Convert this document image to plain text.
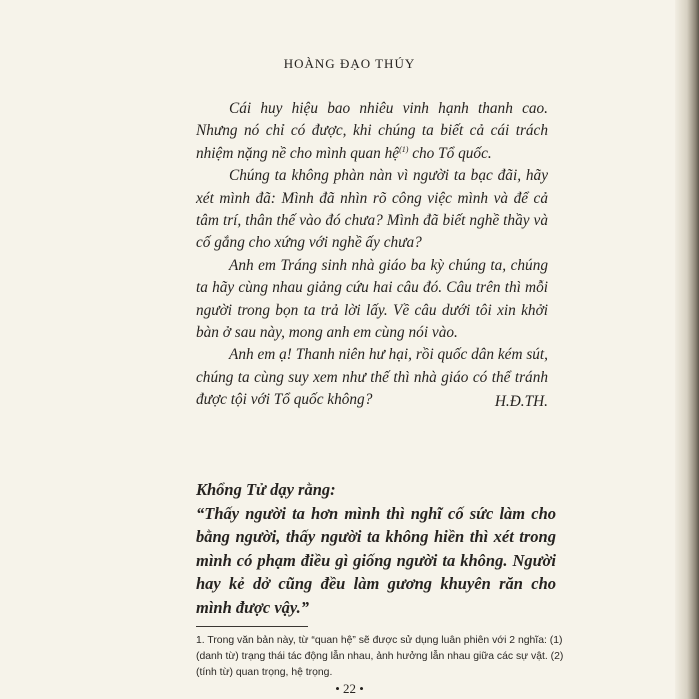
HOÀNG ĐẠO THÚY

Cái huy hiệu bao nhiêu vinh hạnh thanh cao. Nhưng nó chỉ có được, khi chúng ta biết cả cái trách nhiệm nặng nề cho mình quan hệ$^{(1)}$ cho Tổ quốc.

Chúng ta không phàn nàn vì người ta bạc đãi, hãy xét mình đã: Mình đã nhìn rõ công việc mình và để cả tâm trí, thân thế vào đó chưa? Mình đã biết nghề thầy và cố gắng cho xứng với nghề ấy chưa?

Anh em Tráng sinh nhà giáo ba kỳ chúng ta, chúng ta hãy cùng nhau giảng cứu hai câu đó. Câu trên thì mỗi người trong bọn ta trả lời lấy. Về câu dưới tôi xin khởi bàn ở sau này, mong anh em cùng nói vào.

Anh em ạ! Thanh niên hư hại, rồi quốc dân kém sút, chúng ta cùng suy xem như thế thì nhà giáo có thể tránh được tội với Tổ quốc không?	H.Đ.TH.

Khổng Tử dạy rằng:

“Thấy người ta hơn mình thì nghĩ cố sức làm cho bằng người, thấy người ta không hiền thì xét trong mình có phạm điều gì giống người ta không. Người hay kẻ dở cũng đều làm gương khuyên răn cho mình được vậy.”

1. Trong văn bản này, từ “quan hệ” sẽ được sử dụng luân phiên với 2 nghĩa: (1) (danh từ) trạng thái tác động lẫn nhau, ảnh hưởng lẫn nhau giữa các sự vật. (2) (tính từ) quan trọng, hệ trọng.
• 22 •
